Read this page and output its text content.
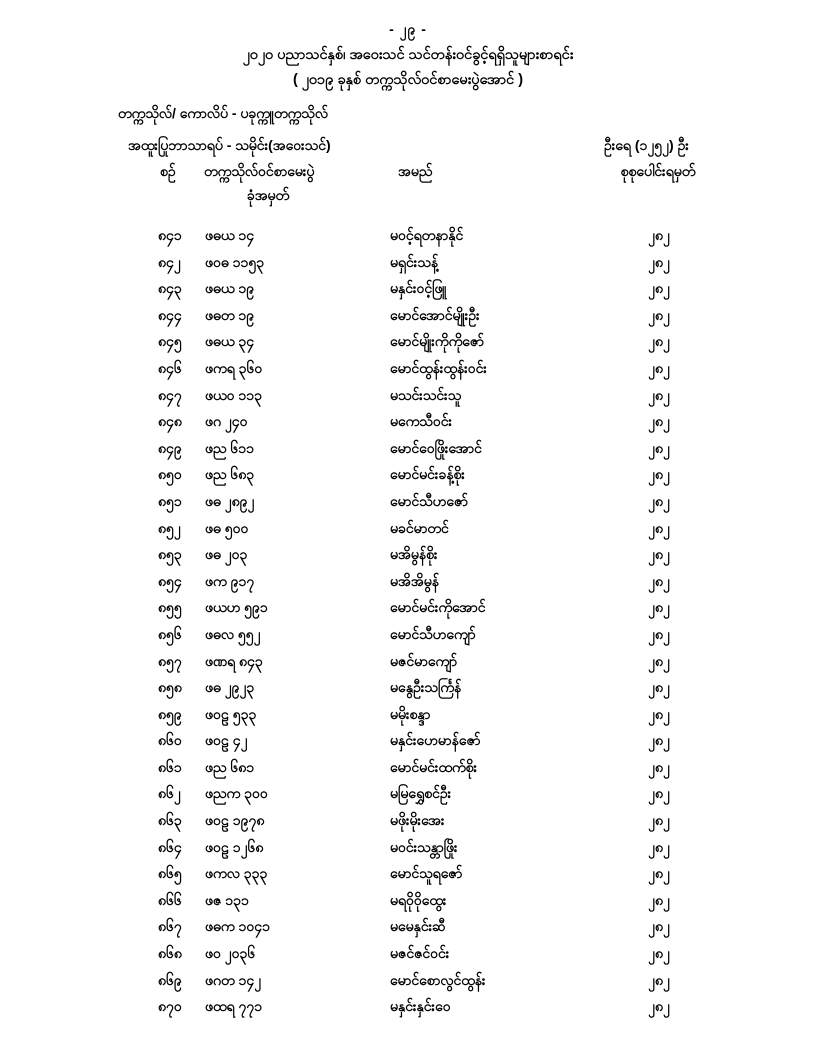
- ၂၉ -
၂၀၂၀ ပညာသင်နှစ်၊ အဝေးသင် သင်တန်းဝင်ခွင့်ရရှိသူများစာရင်း
( ၂၀၁၉ ခုနှစ် တက္ကသိုလ်ဝင်စာမေးပွဲအောင် )
တက္ကသိုလ်/ ကောလိပ် - ပခုက္ကူတက္ကသိုလ်
အထူးပြုဘာသာရပ် - သမိုင်း(အဝေးသင်)	ဦးရေ (၁၂၅၂) ဦး
စဉ် တက္ကသိုလ်ဝင်စာမေးပွဲ	အမည်	စုစုပေါင်းရမှတ်
ခုံအမှတ်
၈၄၁	ဖဓယ ၁၄	မဝင့်ရတနာနိုင်	၂၈၂
၈၄၂	ဖဝဓ ၁၁၅၃	မရှင်းသန့်	၂၈၂
၈၄၃	ဖဓယ ၁၉	မနှင်းဝင့်ဖြူ	၂၈၂
၈၄၄	ဖဓတ ၁၉	မောင်အောင်မျိုးဦး	၂၈၂
၈၄၅	ဖဓယ ၃၄	မောင်မျိုးကိုကိုဇော်	၂၈၂
၈၄၆	ဖကရ ၃၆၀	မောင်ထွန်းထွန်းဝင်း	၂၈၂
၈၄၇	ဖယဝ ၁၁၃	မသင်းသင်းသူ	၂၈၂
၈၄၈	ဖဂ ၂၄၀	မကေသီဝင်း	၂၈၂
၈၄၉	ဖည ၆၁၁	မောင်ဝေဖြိုးအောင်	၂၈၂
၈၅၀	ဖည ၆၈၃	မောင်မင်းခန့်စိုး	၂၈၂
၈၅၁	ဖဓ ၂၈၉၂	မောင်သီဟဇော်	၂၈၂
၈၅၂	ဖဓ ၅၀၀	မခင်မာတင်	၂၈၂
၈၅၃	ဖဓ ၂၀၃	မအိမွန်စိုး	၂၈၂
၈၅၄	ဖက ၉၁၇	မအိအိမွန်	၂၈၂
၈၅၅	ဖယဟ ၅၉၁	မောင်မင်းကိုအောင်	၂၈၂
၈၅၆	ဖဓလ ၅၅၂	မောင်သီဟကျော်	၂၈၂
၈၅၇	ဖဏရ ၈၄၃	မဇင်မာကျော်	၂၈၂
၈၅၈	ဖဓ ၂၉၂၃	မနွေဦးသင်္ကြန်	၂၈၂
၈၅၉	ဖဝဠ ၅၃၃	မမိုးစန္ဒာ	၂၈၂
၈၆၀	ဖဝဠ ၄၂	မနှင်းဟေမာန်ဇော်	၂၈၂
၈၆၁	ဖည ၆၈၁	မောင်မင်းထက်စိုး	၂၈၂
၈၆၂	ဖညက ၃၀၀	မမြရွှေစင်ဦး	၂၈၂
၈၆၃	ဖဝဠ ၁၉၇၈	မဖိုးမိုးအေး	၂၈၂
၈၆၄	ဖဝဠ ၁၂၆၈	မဝင်းသန္တာဖြိုး	၂၈၂
၈၆၅	ဖကလ ၃၃၃	မောင်သူရဇော်	၂၈၂
၈၆၆	ဖဇ ၁၃၁	မရဝိုဝိုထွေး	၂၈၂
၈၆၇	ဖဓက ၁၀၄၁	မမေနှင်းဆီ	၂၈၂
၈၆၈	ဖဝ ၂၀၃၆	မဇင်ဇင်ဝင်း	၂၈၂
၈၆၉	ဖဂတ ၁၄၂	မောင်စောလွင်ထွန်း	၂၈၂
၈၇၀	ဖထရ ၇၇၁	မနှင်းနှင်းဝေ	၂၈၂
